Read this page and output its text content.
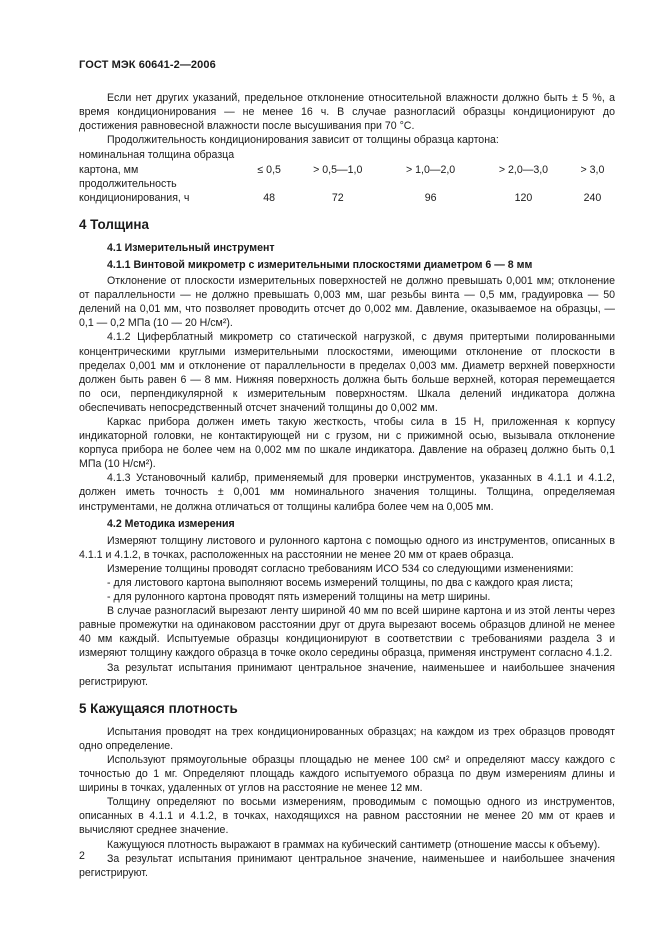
ГОСТ МЭК 60641-2—2006

Если нет других указаний, предельное отклонение относительной влажности должно быть ± 5 %, а время кондиционирования — не менее 16 ч. В случае разногласий образцы кондиционируют до достижения равновесной влажности после высушивания при 70 °С.

Продолжительность кондиционирования зависит от толщины образца картона:

номинальная толщина образца картона, мм	≤ 0,5	> 0,5—1,0	> 1,0—2,0	> 2,0—3,0	> 3,0
продолжительность кондиционирования, ч	48	72	96	120	240
4 Толщина
4.1 Измерительный инструмент
4.1.1 Винтовой микрометр с измерительными плоскостями диаметром 6 — 8 мм

Отклонение от плоскости измерительных поверхностей не должно превышать 0,001 мм; отклонение от параллельности — не должно превышать 0,003 мм, шаг резьбы винта — 0,5 мм, градуировка — 50 делений на 0,01 мм, что позволяет проводить отсчет до 0,002 мм. Давление, оказываемое на образцы, — 0,1 — 0,2 МПа (10 — 20 Н/см²).

4.1.2 Циферблатный микрометр со статической нагрузкой, с двумя притертыми полированными концентрическими круглыми измерительными плоскостями, имеющими отклонение от плоскости в пределах 0,001 мм и отклонение от параллельности в пределах 0,003 мм. Диаметр верхней поверхности должен быть равен 6 — 8 мм. Нижняя поверхность должна быть больше верхней, которая перемещается по оси, перпендикулярной к измерительным поверхностям. Шкала делений индикатора должна обеспечивать непосредственный отсчет значений толщины до 0,002 мм.

Каркас прибора должен иметь такую жесткость, чтобы сила в 15 Н, приложенная к корпусу индикаторной головки, не контактирующей ни с грузом, ни с прижимной осью, вызывала отклонение корпуса прибора не более чем на 0,002 мм по шкале индикатора. Давление на образец должно быть 0,1 МПа (10 Н/см²).

4.1.3 Установочный калибр, применяемый для проверки инструментов, указанных в 4.1.1 и 4.1.2, должен иметь точность ± 0,001 мм номинального значения толщины. Толщина, определяемая инструментами, не должна отличаться от толщины калибра более чем на 0,005 мм.

4.2 Методика измерения

Измеряют толщину листового и рулонного картона с помощью одного из инструментов, описанных в 4.1.1 и 4.1.2, в точках, расположенных на расстоянии не менее 20 мм от краев образца.

Измерение толщины проводят согласно требованиям ИСО 534 со следующими изменениями:

- для листового картона выполняют восемь измерений толщины, по два с каждого края листа;

- для рулонного картона проводят пять измерений толщины на метр ширины.

В случае разногласий вырезают ленту шириной 40 мм по всей ширине картона и из этой ленты через равные промежутки на одинаковом расстоянии друг от друга вырезают восемь образцов длиной не менее 40 мм каждый. Испытуемые образцы кондиционируют в соответствии с требованиями раздела 3 и измеряют толщину каждого образца в точке около середины образца, применяя инструмент согласно 4.1.2.

За результат испытания принимают центральное значение, наименьшее и наибольшее значения регистрируют.

5 Кажущаяся плотность

Испытания проводят на трех кондиционированных образцах; на каждом из трех образцов проводят одно определение.

Используют прямоугольные образцы площадью не менее 100 см² и определяют массу каждого с точностью до 1 мг. Определяют площадь каждого испытуемого образца по двум измерениям длины и ширины в точках, удаленных от углов на расстояние не менее 12 мм.

Толщину определяют по восьми измерениям, проводимым с помощью одного из инструментов, описанных в 4.1.1 и 4.1.2, в точках, находящихся на равном расстоянии не менее 20 мм от краев и вычисляют среднее значение.

Кажущуюся плотность выражают в граммах на кубический сантиметр (отношение массы к объему).

За результат испытания принимают центральное значение, наименьшее и наибольшее значения регистрируют.

2
